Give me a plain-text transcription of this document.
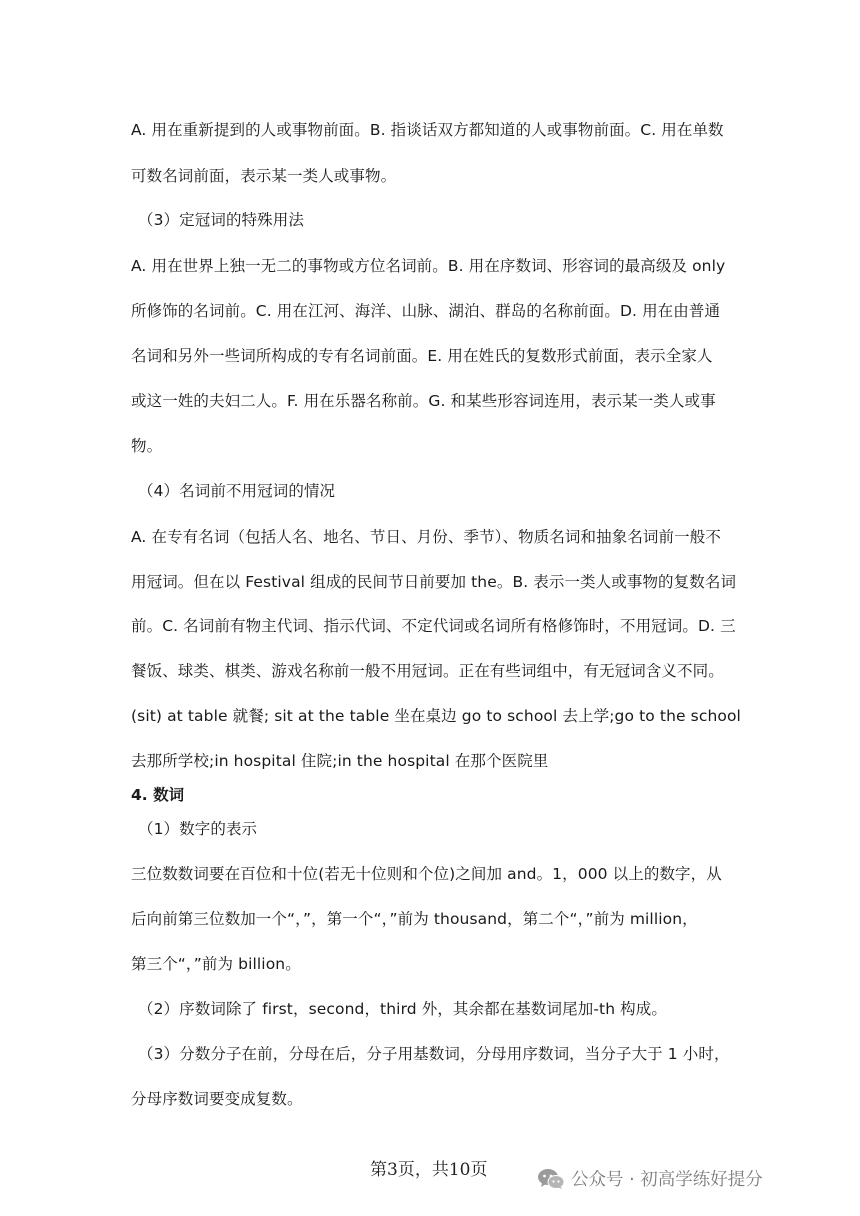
A. 用在重新提到的人或事物前面。B. 指谈话双方都知道的人或事物前面。C. 用在单数
可数名词前面，表示某一类人或事物。
（3）定冠词的特殊用法
A. 用在世界上独一无二的事物或方位名词前。B. 用在序数词、形容词的最高级及 only
所修饰的名词前。C. 用在江河、海洋、山脉、湖泊、群岛的名称前面。D. 用在由普通
名词和另外一些词所构成的专有名词前面。E. 用在姓氏的复数形式前面，表示全家人
或这一姓的夫妇二人。F. 用在乐器名称前。G. 和某些形容词连用，表示某一类人或事
物。
（4）名词前不用冠词的情况
A. 在专有名词（包括人名、地名、节日、月份、季节）、物质名词和抽象名词前一般不
用冠词。但在以 Festival 组成的民间节日前要加 the。B. 表示一类人或事物的复数名词
前。C. 名词前有物主代词、指示代词、不定代词或名词所有格修饰时，不用冠词。D. 三
餐饭、球类、棋类、游戏名称前一般不用冠词。正在有些词组中，有无冠词含义不同。
(sit) at table 就餐; sit at the table 坐在桌边 go to school 去上学;go to the school
去那所学校;in hospital 住院;in the hospital 在那个医院里
4. 数词
（1）数字的表示
三位数数词要在百位和十位(若无十位则和个位)之间加 and。1，000 以上的数字，从
后向前第三位数加一个“，”，第一个“，”前为 thousand，第二个“，”前为 million，
第三个“，”前为 billion。
（2）序数词除了 first，second，third 外，其余都在基数词尾加-th 构成。
（3）分数分子在前，分母在后，分子用基数词，分母用序数词，当分子大于 1 小时，
分母序数词要变成复数。
第3页，共10页	公众号 · 初高学练好提分
